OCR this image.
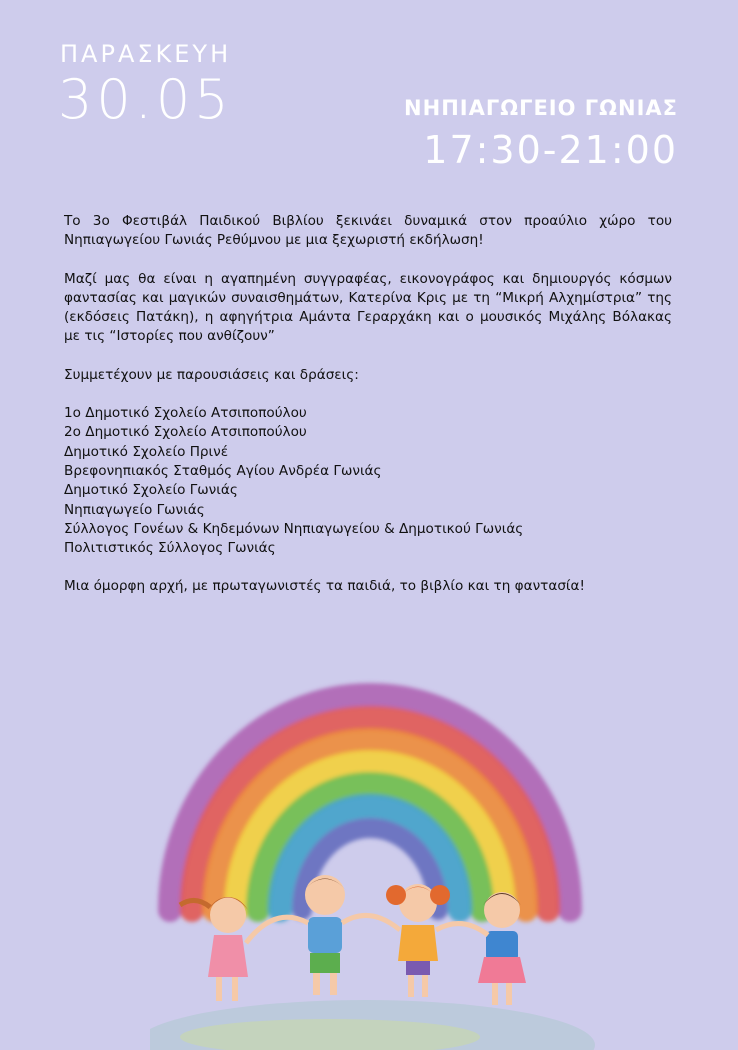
ΠΑΡΑΣΚΕΥΗ
30.05	ΝΗΠΙΑΓΩΓΕΙΟ ΓΩΝΙΑΣ
17:30-21:00

Το 3ο Φεστιβάλ Παιδικού Βιβλίου ξεκινάει δυναμικά στον προαύλιο χώρο του Νηπιαγωγείου Γωνιάς Ρεθύμνου με μια ξεχωριστή εκδήλωση!

Μαζί μας θα είναι η αγαπημένη συγγραφέας, εικονογράφος και δημιουργός κόσμων φαντασίας και μαγικών συναισθημάτων, Κατερίνα Κρις με τη “Μικρή Αλχημίστρια” της (εκδόσεις Πατάκη), η αφηγήτρια Αμάντα Γεραρχάκη και ο μουσικός Μιχάλης Βόλακας με τις “Ιστορίες που ανθίζουν”

Συμμετέχουν με παρουσιάσεις και δράσεις:

1ο Δημοτικό Σχολείο Ατσιποπούλου
2ο Δημοτικό Σχολείο Ατσιποπούλου
Δημοτικό Σχολείο Πρινέ
Βρεφονηπιακός Σταθμός Αγίου Ανδρέα Γωνιάς
Δημοτικό Σχολείο Γωνιάς
Νηπιαγωγείο Γωνιάς
Σύλλογος Γονέων & Κηδεμόνων Νηπιαγωγείου & Δημοτικού Γωνιάς
Πολιτιστικός Σύλλογος Γωνιάς

Μια όμορφη αρχή, με πρωταγωνιστές τα παιδιά, το βιβλίο και τη φαντασία!
